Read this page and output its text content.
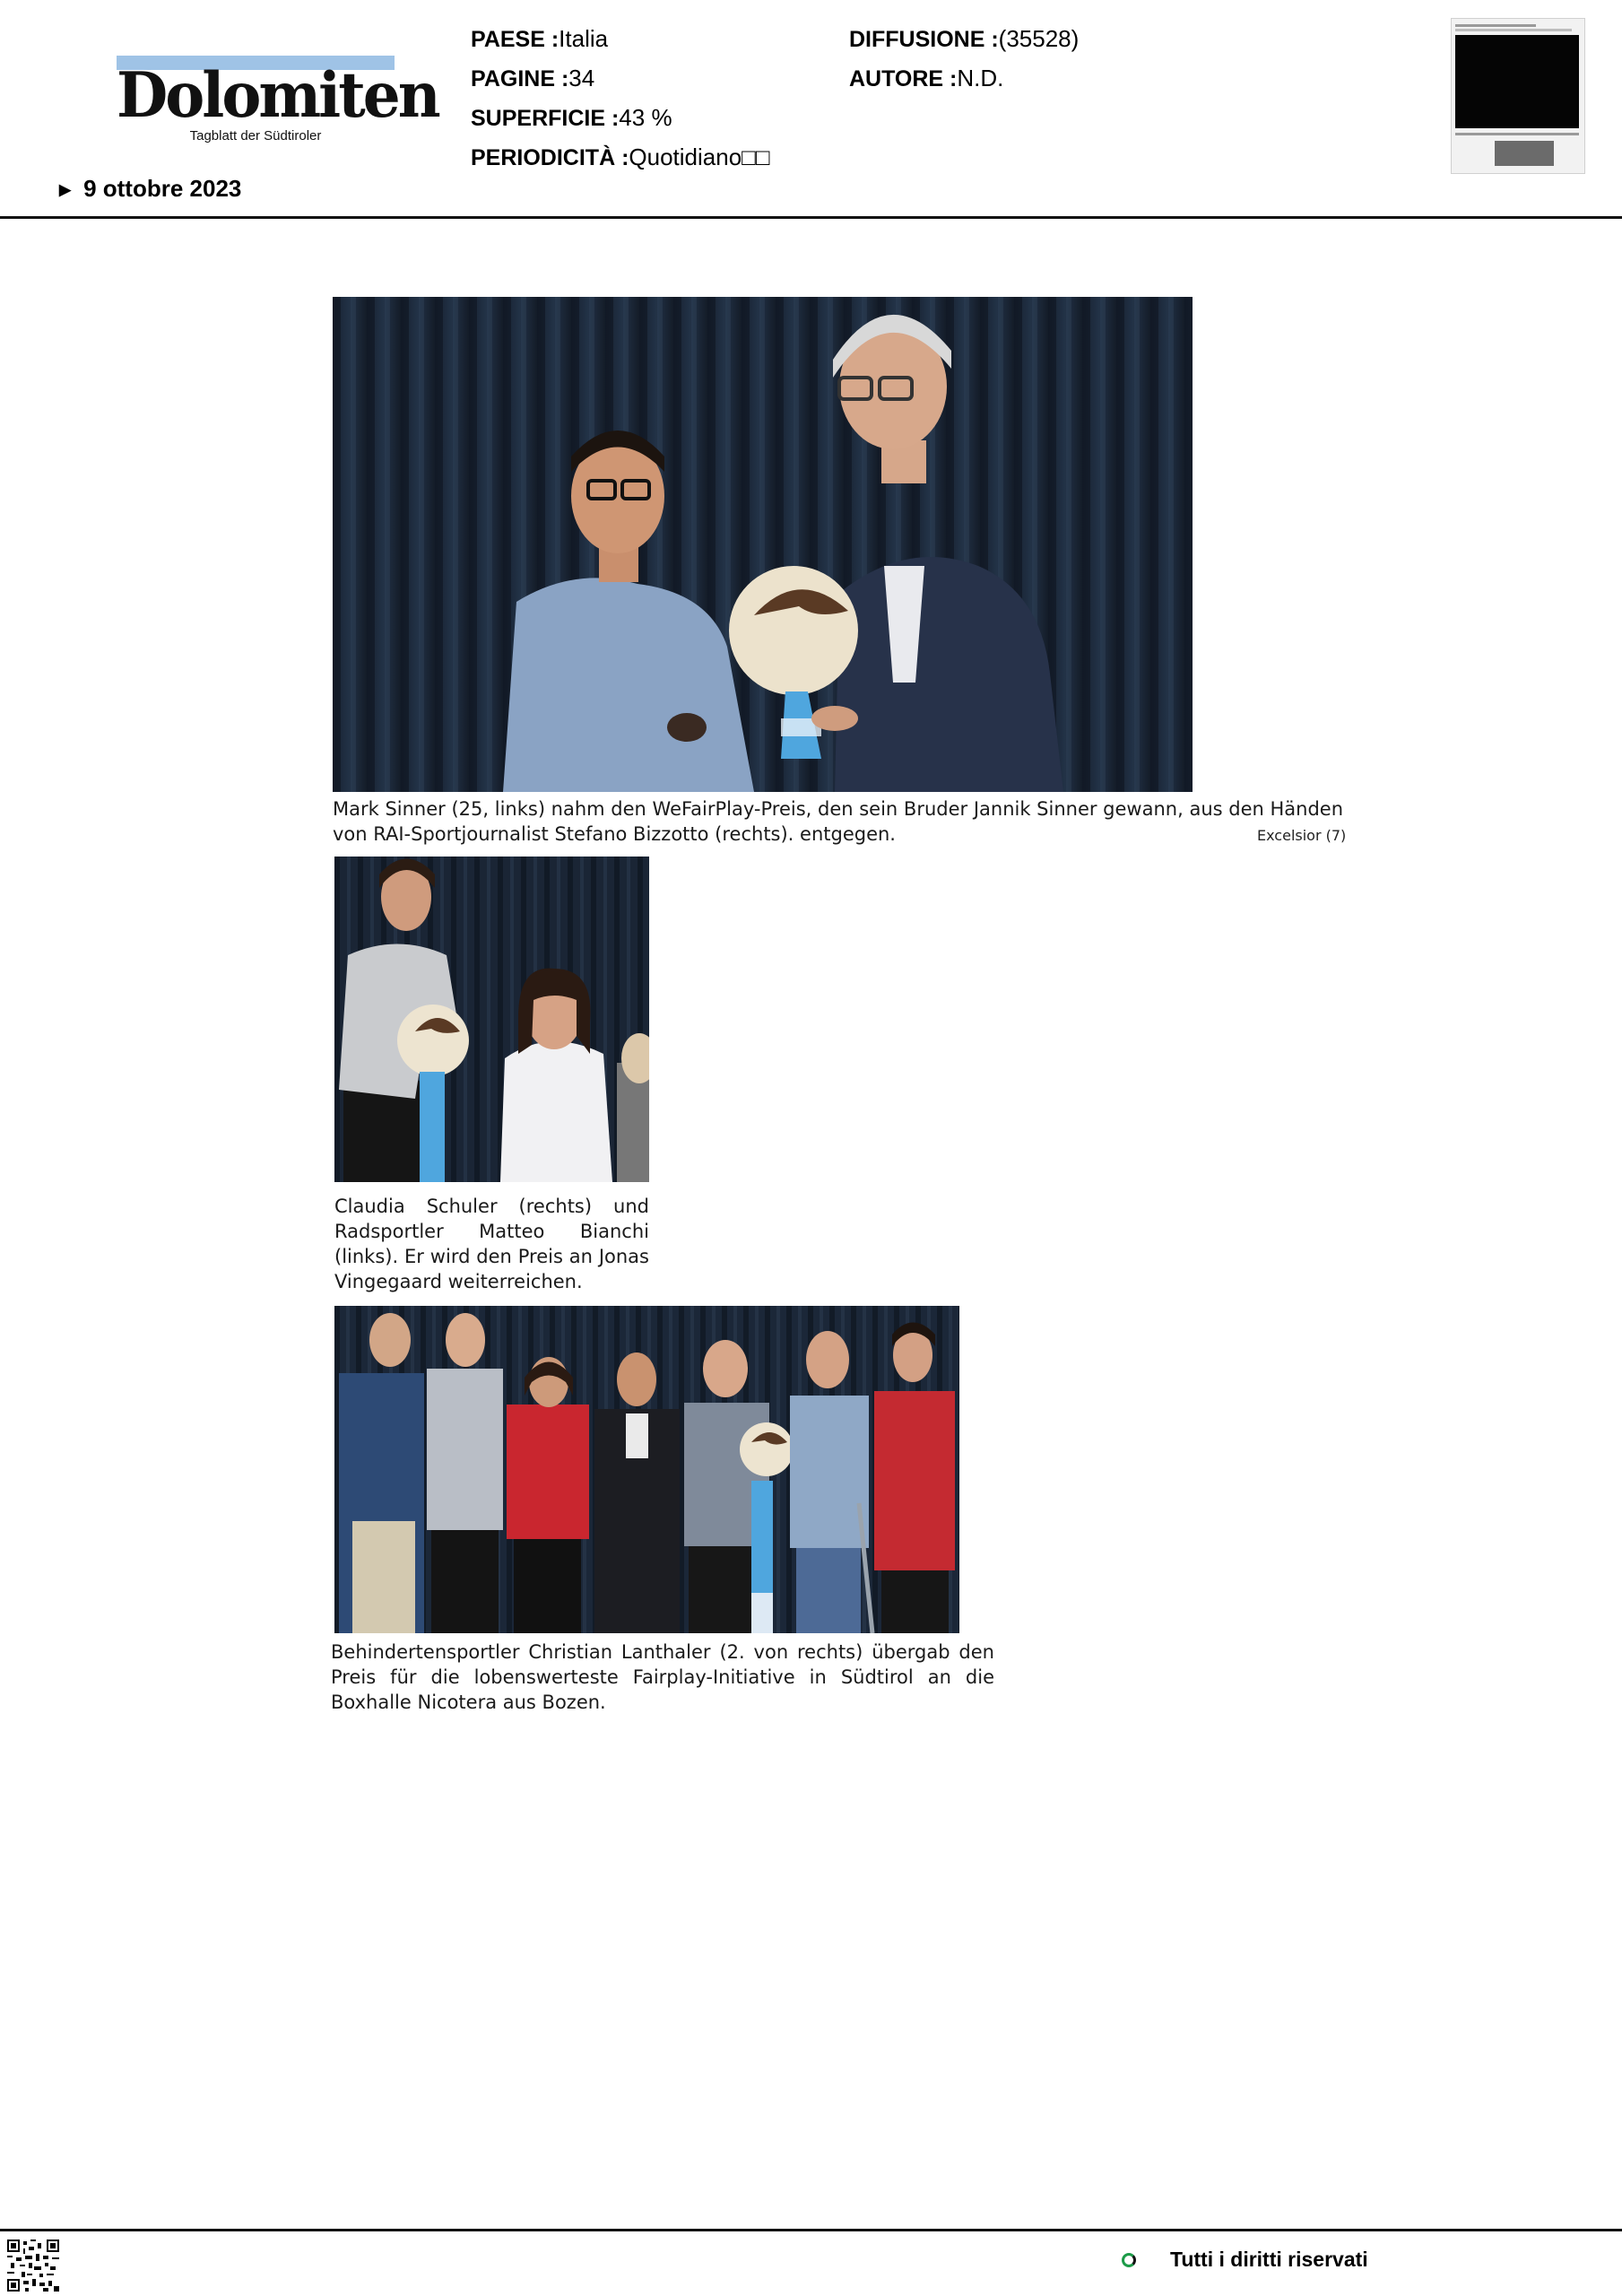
Dolomiten
Tagblatt der Südtiroler
▶ 9 ottobre 2023
PAESE :Italia
PAGINE :34
SUPERFICIE :43 %
PERIODICITÀ :Quotidiano□□
DIFFUSIONE :(35528)
AUTORE :N.D.
Mark Sinner (25, links) nahm den WeFairPlay-Preis, den sein Bruder Jannik Sinner gewann, aus den Händen von RAI-Sportjournalist Stefano Bizzotto (rechts). entgegen.	Excelsior (7)
Claudia Schuler (rechts) und Radsportler Matteo Bianchi (links). Er wird den Preis an Jonas Vingegaard weiterreichen.
Behindertensportler Christian Lanthaler (2. von rechts) übergab den Preis für die lobenswerteste Fairplay-Initiative in Südtirol an die Boxhalle Nicotera aus Bozen.
Tutti i diritti riservati
